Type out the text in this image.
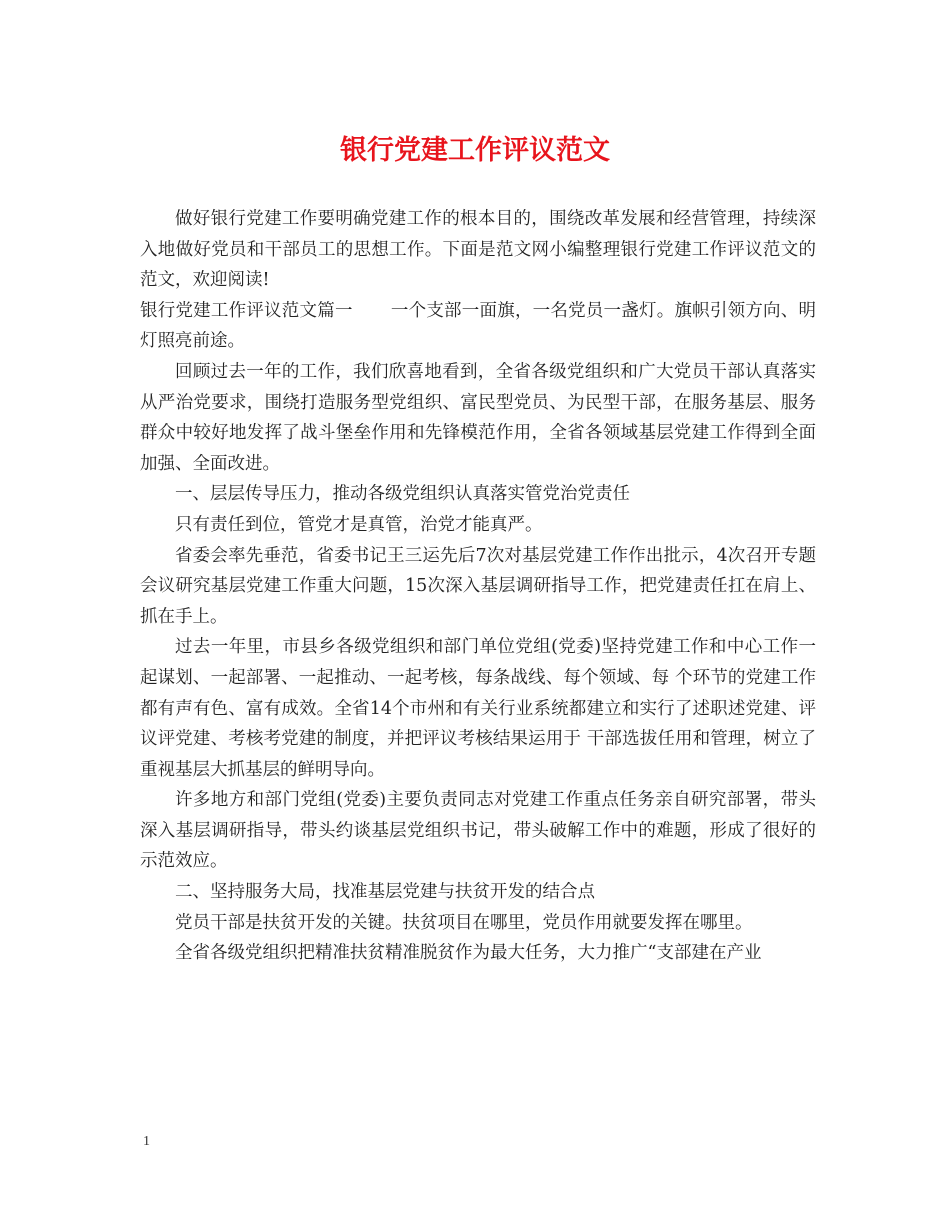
银行党建工作评议范文

做好银行党建工作要明确党建工作的根本目的，围绕改革发展和经营管理，持续深入地做好党员和干部员工的思想工作。下面是范文网小编整理银行党建工作评议范文的范文，欢迎阅读!

银行党建工作评议范文篇一 一个支部一面旗，一名党员一盏灯。旗帜引领方向、明灯照亮前途。

回顾过去一年的工作，我们欣喜地看到，全省各级党组织和广大党员干部认真落实从严治党要求，围绕打造服务型党组织、富民型党员、为民型干部，在服务基层、服务群众中较好地发挥了战斗堡垒作用和先锋模范作用，全省各领域基层党建工作得到全面加强、全面改进。

一、层层传导压力，推动各级党组织认真落实管党治党责任

只有责任到位，管党才是真管，治党才能真严。

省委会率先垂范，省委书记王三运先后7次对基层党建工作作出批示，4次召开专题会议研究基层党建工作重大问题，15次深入基层调研指导工作，把党建责任扛在肩上、抓在手上。

过去一年里，市县乡各级党组织和部门单位党组(党委)坚持党建工作和中心工作一起谋划、一起部署、一起推动、一起考核，每条战线、每个领域、每 个环节的党建工作都有声有色、富有成效。全省14个市州和有关行业系统都建立和实行了述职述党建、评议评党建、考核考党建的制度，并把评议考核结果运用于 干部选拔任用和管理，树立了重视基层大抓基层的鲜明导向。

许多地方和部门党组(党委)主要负责同志对党建工作重点任务亲自研究部署，带头深入基层调研指导，带头约谈基层党组织书记，带头破解工作中的难题，形成了很好的示范效应。

二、坚持服务大局，找准基层党建与扶贫开发的结合点

党员干部是扶贫开发的关键。扶贫项目在哪里，党员作用就要发挥在哪里。

全省各级党组织把精准扶贫精准脱贫作为最大任务，大力推广“支部建在产业

1
